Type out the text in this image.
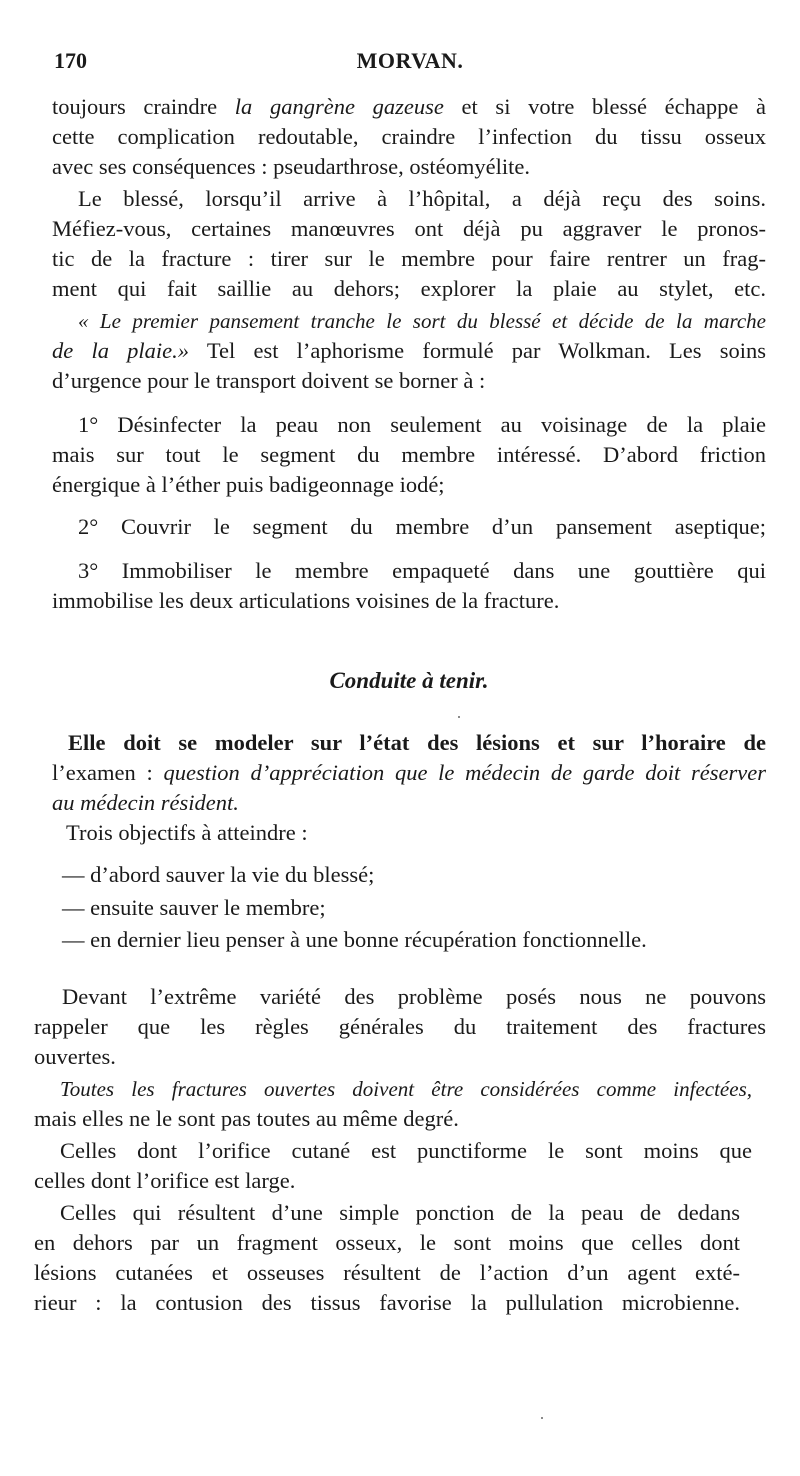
170	MORVAN.
toujours craindre la gangrène gazeuse et si votre blessé échappe à
cette complication redoutable, craindre l’infection du tissu osseux
avec ses conséquences : pseudarthrose, ostéomyélite.
Le blessé, lorsqu’il arrive à l’hôpital, a déjà reçu des soins.
Méfiez-vous, certaines manœuvres ont déjà pu aggraver le pronos-
tic de la fracture : tirer sur le membre pour faire rentrer un frag-
ment qui fait saillie au dehors; explorer la plaie au stylet, etc.
« Le premier pansement tranche le sort du blessé et décide de la marche
de la plaie.» Tel est l’aphorisme formulé par Wolkman. Les soins
d’urgence pour le transport doivent se borner à :
1° Désinfecter la peau non seulement au voisinage de la plaie
mais sur tout le segment du membre intéressé. D’abord friction
énergique à l’éther puis badigeonnage iodé;
2° Couvrir le segment du membre d’un pansement aseptique;
3° Immobiliser le membre empaqueté dans une gouttière qui
immobilise les deux articulations voisines de la fracture.
Conduite à tenir.
Elle doit se modeler sur l’état des lésions et sur l’horaire de
l’examen : question d’appréciation que le médecin de garde doit réserver
au médecin résident.
Trois objectifs à atteindre :
— d’abord sauver la vie du blessé;
— ensuite sauver le membre;
— en dernier lieu penser à une bonne récupération fonctionnelle.
Devant l’extrême variété des problème posés nous ne pouvons
rappeler que les règles générales du traitement des fractures
ouvertes.
Toutes les fractures ouvertes doivent être considérées comme infectées,
mais elles ne le sont pas toutes au même degré.
Celles dont l’orifice cutané est punctiforme le sont moins que
celles dont l’orifice est large.
Celles qui résultent d’une simple ponction de la peau de dedans
en dehors par un fragment osseux, le sont moins que celles dont
lésions cutanées et osseuses résultent de l’action d’un agent exté-
rieur : la contusion des tissus favorise la pullulation microbienne.
